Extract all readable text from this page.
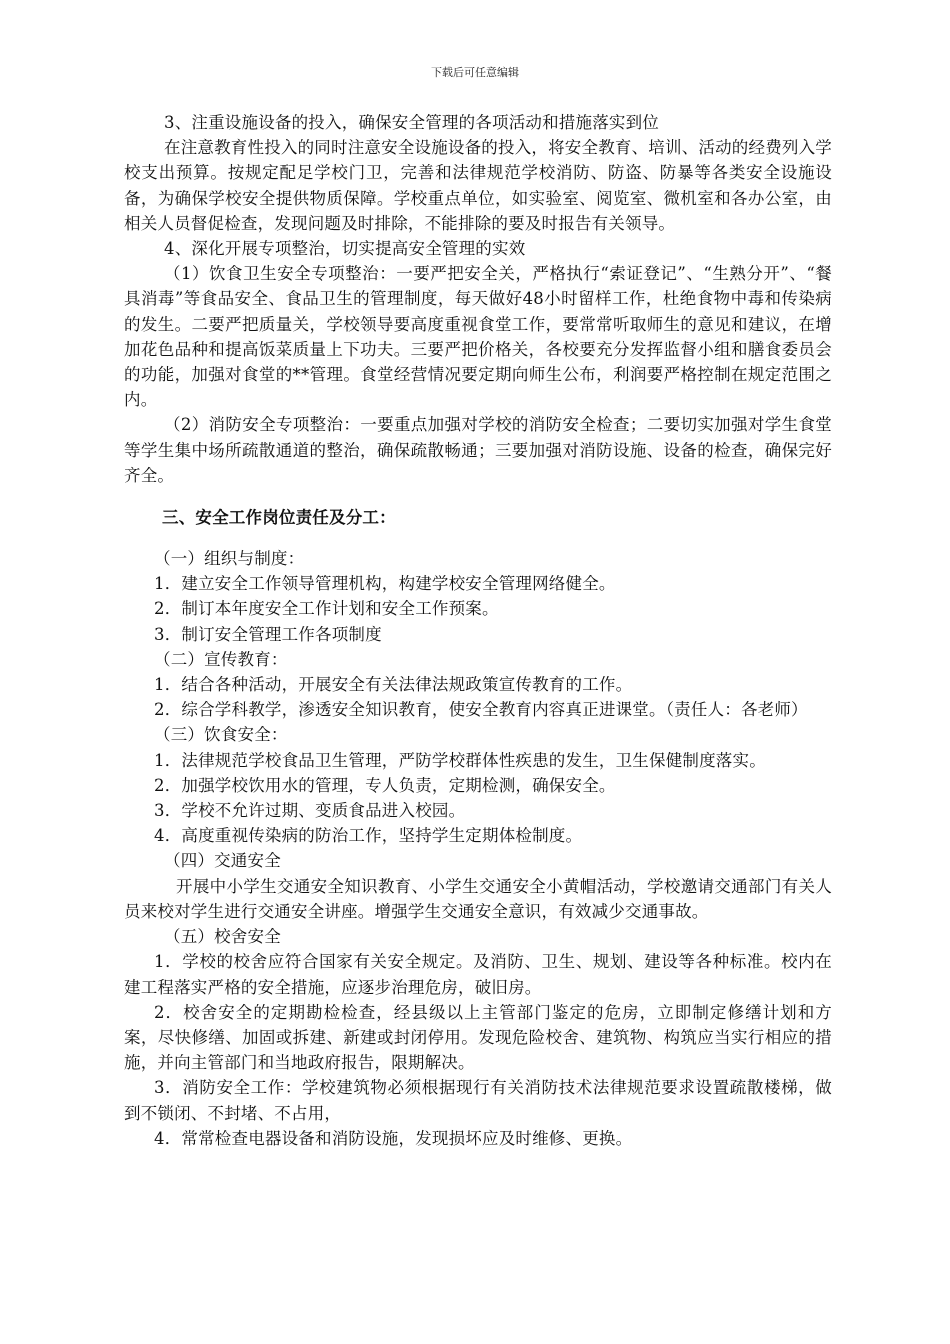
下载后可任意编辑

3、注重设施设备的投入，确保安全管理的各项活动和措施落实到位

在注意教育性投入的同时注意安全设施设备的投入，将安全教育、培训、活动的经费列入学校支出预算。按规定配足学校门卫，完善和法律规范学校消防、防盗、防暴等各类安全设施设备，为确保学校安全提供物质保障。学校重点单位，如实验室、阅览室、微机室和各办公室，由相关人员督促检查，发现问题及时排除，不能排除的要及时报告有关领导。

4、深化开展专项整治，切实提高安全管理的实效

（1）饮食卫生安全专项整治：一要严把安全关，严格执行“索证登记”、“生熟分开”、“餐具消毒”等食品安全、食品卫生的管理制度，每天做好48小时留样工作，杜绝食物中毒和传染病的发生。二要严把质量关，学校领导要高度重视食堂工作，要常常听取师生的意见和建议，在增加花色品种和提高饭菜质量上下功夫。三要严把价格关，各校要充分发挥监督小组和膳食委员会的功能，加强对食堂的**管理。食堂经营情况要定期向师生公布，利润要严格控制在规定范围之内。

（2）消防安全专项整治：一要重点加强对学校的消防安全检查；二要切实加强对学生食堂等学生集中场所疏散通道的整治，确保疏散畅通；三要加强对消防设施、设备的检查，确保完好齐全。

三、安全工作岗位责任及分工：

（一）组织与制度：

1．建立安全工作领导管理机构，构建学校安全管理网络健全。

2．制订本年度安全工作计划和安全工作预案。

3．制订安全管理工作各项制度

（二）宣传教育：

1．结合各种活动，开展安全有关法律法规政策宣传教育的工作。

2．综合学科教学，渗透安全知识教育，使安全教育内容真正进课堂。（责任人：各老师）

（三）饮食安全：

1．法律规范学校食品卫生管理，严防学校群体性疾患的发生，卫生保健制度落实。

2．加强学校饮用水的管理，专人负责，定期检测，确保安全。

3．学校不允许过期、变质食品进入校园。

4．高度重视传染病的防治工作，坚持学生定期体检制度。

（四）交通安全

开展中小学生交通安全知识教育、小学生交通安全小黄帽活动，学校邀请交通部门有关人员来校对学生进行交通安全讲座。增强学生交通安全意识，有效减少交通事故。

（五）校舍安全

1．学校的校舍应符合国家有关安全规定。及消防、卫生、规划、建设等各种标准。校内在建工程落实严格的安全措施，应逐步治理危房，破旧房。

2．校舍安全的定期勘检检查，经县级以上主管部门鉴定的危房，立即制定修缮计划和方案，尽快修缮、加固或拆建、新建或封闭停用。发现危险校舍、建筑物、构筑应当实行相应的措施，并向主管部门和当地政府报告，限期解决。

3．消防安全工作：学校建筑物必须根据现行有关消防技术法律规范要求设置疏散楼梯，做到不锁闭、不封堵、不占用，

4．常常检查电器设备和消防设施，发现损坏应及时维修、更换。
